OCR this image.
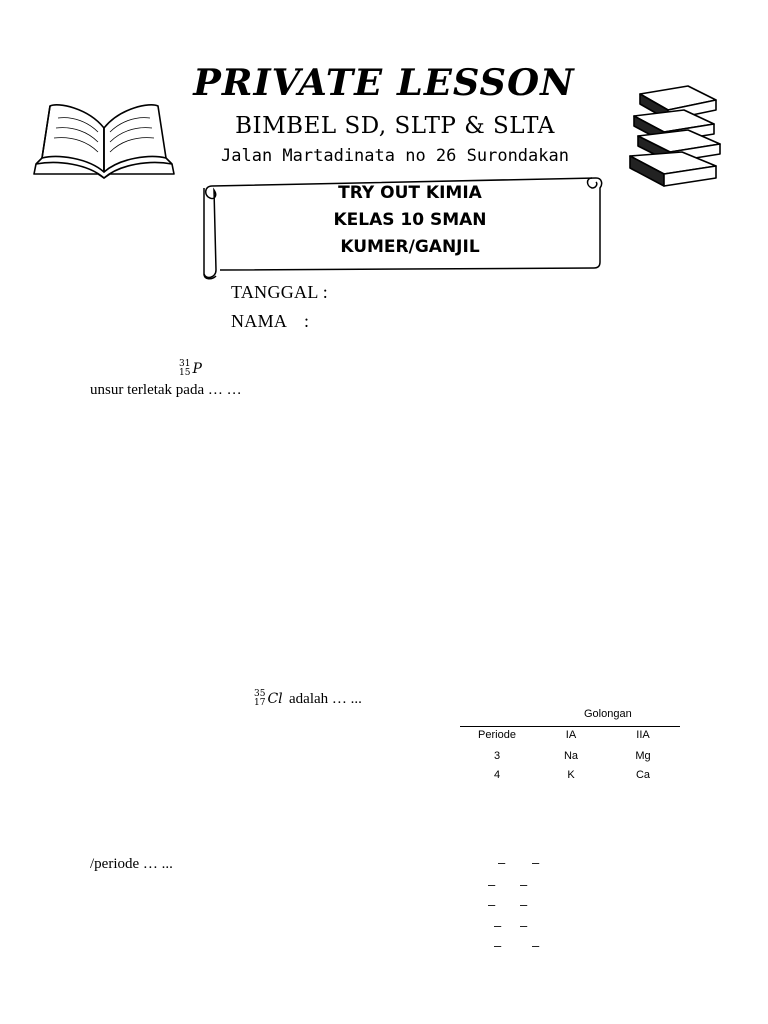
PRIVATE LESSON
BIMBEL SD, SLTP & SLTA
Jalan Martadinata no 26 Surondakan
TRY OUT KIMIA
KELAS 10 SMAN
KUMER/GANJIL
TANGGAL :
NAMA :
31
15 P
unsur terletak pada … …
35
17 Cl adalah … ...
Golongan
Periode	IA	IIA
3	Na	Mg
4	K	Ca
/periode … ...	– –
– –
– –
– –
– –
